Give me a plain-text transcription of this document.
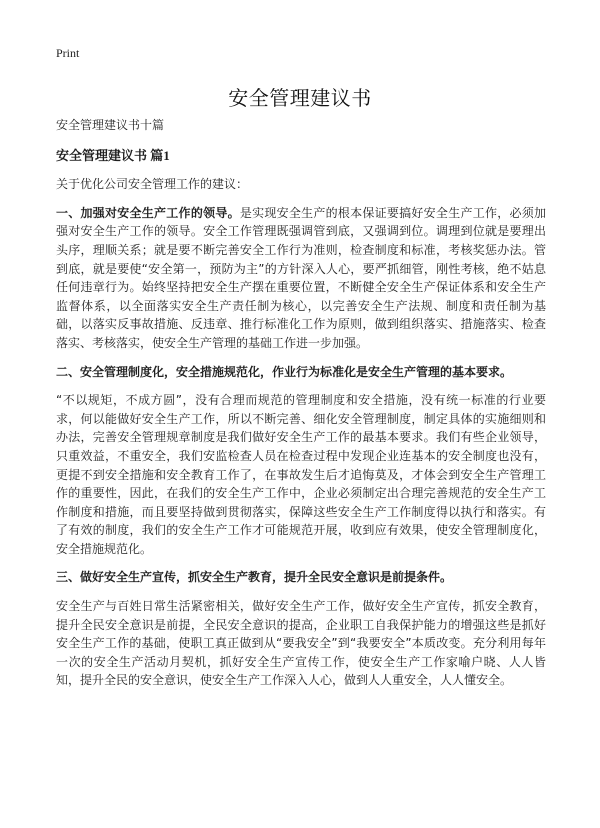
Print
安全管理建议书

安全管理建议书十篇

安全管理建议书 篇1

关于优化公司安全管理工作的建议：

一、加强对安全生产工作的领导。是实现安全生产的根本保证要搞好安全生产工作，必须加强对安全生产工作的领导。安全工作管理既强调管到底，又强调到位。调理到位就是要理出头序，理顺关系；就是要不断完善安全工作行为准则，检查制度和标准，考核奖惩办法。管到底，就是要使“安全第一，预防为主”的方针深入人心，要严抓细管，刚性考核，绝不姑息任何违章行为。始终坚持把安全生产摆在重要位置，不断健全安全生产保证体系和安全生产监督体系，以全面落实安全生产责任制为核心，以完善安全生产法规、制度和责任制为基础，以落实反事故措施、反违章、推行标准化工作为原则，做到组织落实、措施落实、检查落实、考核落实，使安全生产管理的基础工作进一步加强。

二、安全管理制度化，安全措施规范化，作业行为标准化是安全生产管理的基本要求。

“不以规矩，不成方圆”，没有合理而规范的管理制度和安全措施，没有统一标准的行业要求，何以能做好安全生产工作，所以不断完善、细化安全管理制度，制定具体的实施细则和办法，完善安全管理规章制度是我们做好安全生产工作的最基本要求。我们有些企业领导，只重效益，不重安全，我们安监检查人员在检查过程中发现企业连基本的安全制度也没有，更提不到安全措施和安全教育工作了，在事故发生后才追悔莫及，才体会到安全生产管理工作的重要性，因此，在我们的安全生产工作中，企业必须制定出合理完善规范的安全生产工作制度和措施，而且要坚持做到贯彻落实，保障这些安全生产工作制度得以执行和落实。有了有效的制度，我们的安全生产工作才可能规范开展，收到应有效果，使安全管理制度化，安全措施规范化。

三、做好安全生产宣传，抓安全生产教育，提升全民安全意识是前提条件。

安全生产与百姓日常生活紧密相关，做好安全生产工作，做好安全生产宣传，抓安全教育，提升全民安全意识是前提，全民安全意识的提高，企业职工自我保护能力的增强这些是抓好安全生产工作的基础，使职工真正做到从“要我安全”到“我要安全”本质改变。充分利用每年一次的安全生产活动月契机，抓好安全生产宣传工作，使安全生产工作家喻户晓、人人皆知，提升全民的安全意识，使安全生产工作深入人心，做到人人重安全，人人懂安全。
